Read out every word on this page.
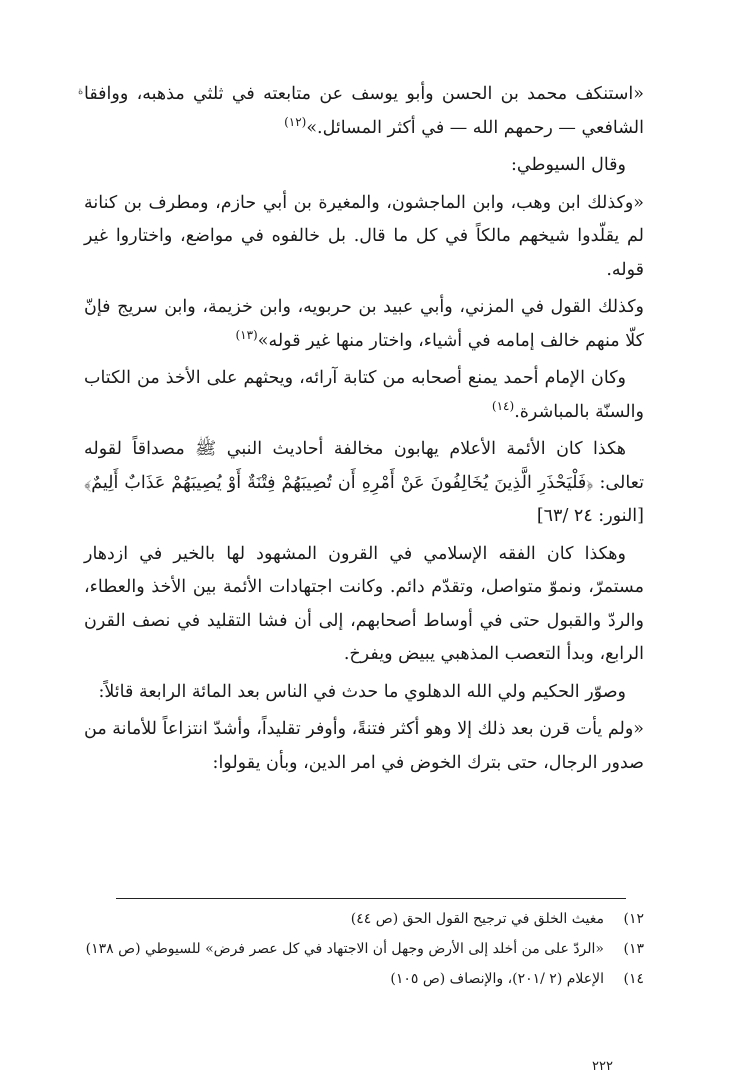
ة «استنكف محمد بن الحسن وأبو يوسف عن متابعته في ثلثي مذهبه، ووافقا الشافعي — رحمهم الله — في أكثر المسائل.»$^{(١٢)}$

وقال السيوطي:

«وكذلك ابن وهب، وابن الماجشون، والمغيرة بن أبي حازم، ومطرف بن كنانة لم يقلّدوا شيخهم مالكاً في كل ما قال. بل خالفوه في مواضع، واختاروا غير قوله.

وكذلك القول في المزني، وأبي عبيد بن حربويه، وابن خزيمة، وابن سريج فإنّ كلّا منهم خالف إمامه في أشياء، واختار منها غير قوله»$^{(١٣)}$

وكان الإمام أحمد يمنع أصحابه من كتابة آرائه، ويحثهم على الأخذ من الكتاب والسنّة بالمباشرة.$^{(١٤)}$

هكذا كان الأئمة الأعلام يهابون مخالفة أحاديث النبي ﷺ مصداقاً لقوله تعالى: ﴿فَلْيَحْذَرِ الَّذِينَ يُخَالِفُونَ عَنْ أَمْرِهِ أَن تُصِيبَهُمْ فِتْنَةٌ أَوْ يُصِيبَهُمْ عَذَابٌ أَلِيمٌ﴾ [النور: ٢٤ /٦٣]

وهكذا كان الفقه الإسلامي في القرون المشهود لها بالخير في ازدهار مستمرّ، ونموّ متواصل، وتقدّم دائم. وكانت اجتهادات الأئمة بين الأخذ والعطاء، والردّ والقبول حتى في أوساط أصحابهم، إلى أن فشا التقليد في نصف القرن الرابع، وبدأ التعصب المذهبي يبيض ويفرخ.

وصوّر الحكيم ولي الله الدهلوي ما حدث في الناس بعد المائة الرابعة قائلاً:

«ولم يأت قرن بعد ذلك إلا وهو أكثر فتنةً، وأوفر تقليداً، وأشدّ انتزاعاً للأمانة من صدور الرجال، حتى بترك الخوض في امر الدين، وبأن يقولوا:

١٢)
مغيث الخلق في ترجيح القول الحق (ص ٤٤)
١٣)
«الردّ على من أخلد إلى الأرض وجهل أن الاجتهاد في كل عصر فرض» للسيوطي (ص ١٣٨)
١٤)
الإعلام (٢ /٢٠١)، والإنصاف (ص ١٠٥)
٢٢٢
